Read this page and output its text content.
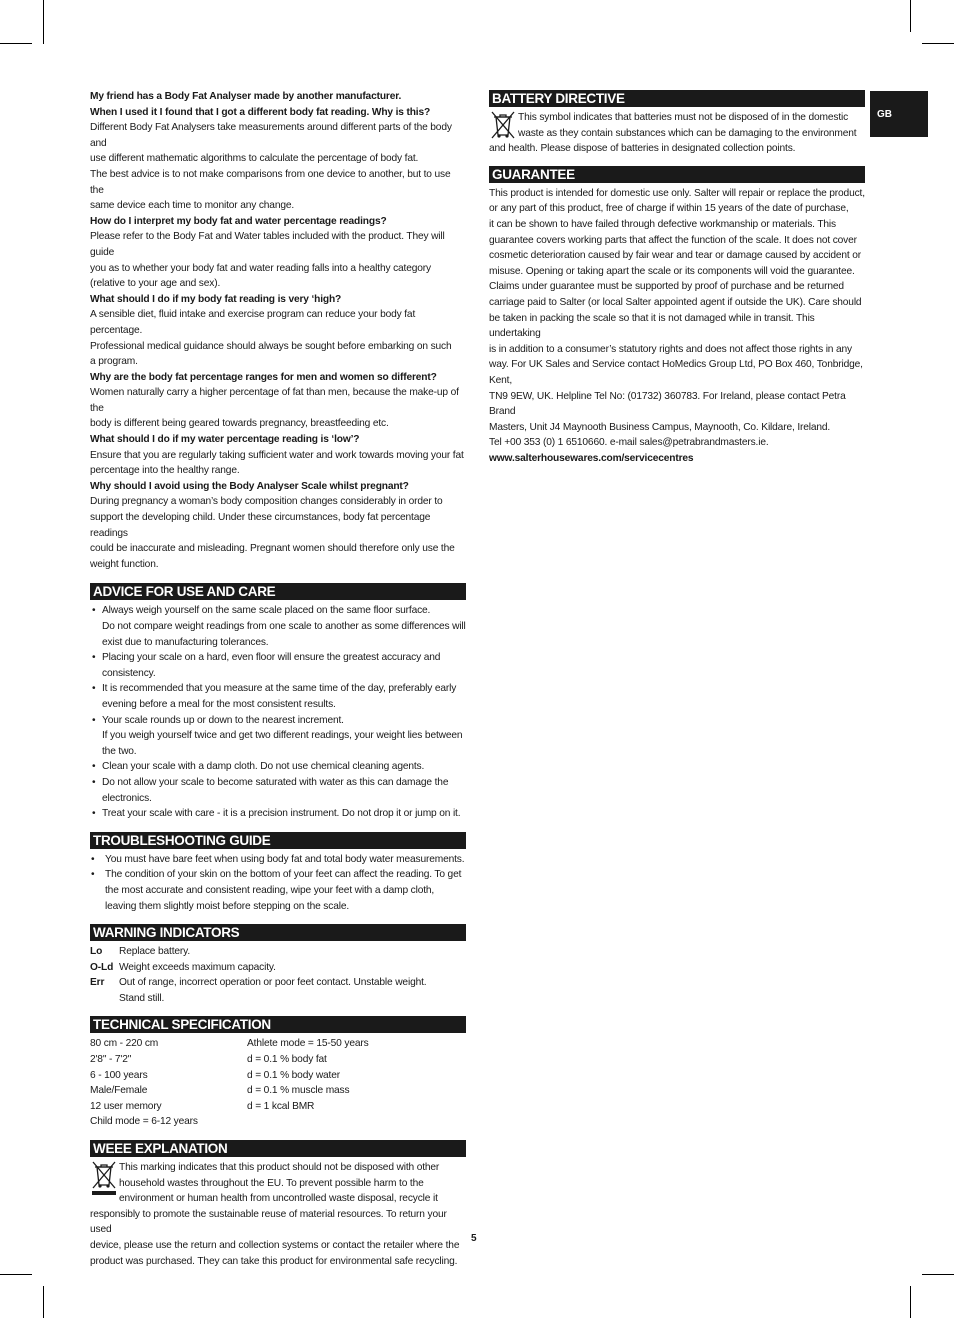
GB

My friend has a Body Fat Analyser made by another manufacturer.

When I used it I found that I got a different body fat reading. Why is this?

Different Body Fat Analysers take measurements around different parts of the body and

use different mathematic algorithms to calculate the percentage of body fat.

The best advice is to not make comparisons from one device to another, but to use the

same device each time to monitor any change.

How do I interpret my body fat and water percentage readings?

Please refer to the Body Fat and Water tables included with the product. They will guide

you as to whether your body fat and water reading falls into a healthy category

(relative to your age and sex).

What should I do if my body fat reading is very ‘high?

A sensible diet, fluid intake and exercise program can reduce your body fat percentage.

Professional medical guidance should always be sought before embarking on such

a program.

Why are the body fat percentage ranges for men and women so different?

Women naturally carry a higher percentage of fat than men, because the make-up of the

body is different being geared towards pregnancy, breastfeeding etc.

What should I do if my water percentage reading is ‘low’?

Ensure that you are regularly taking sufficient water and work towards moving your fat

percentage into the healthy range.

Why should I avoid using the Body Analyser Scale whilst pregnant?

During pregnancy a woman’s body composition changes considerably in order to

support the developing child. Under these circumstances, body fat percentage readings

could be inaccurate and misleading. Pregnant women should therefore only use the

weight function.

ADVICE FOR USE AND CARE
• Always weigh yourself on the same scale placed on the same floor surface.
Do not compare weight readings from one scale to another as some differences will
exist due to manufacturing tolerances.
• Placing your scale on a hard, even floor will ensure the greatest accuracy and
consistency.
• It is recommended that you measure at the same time of the day, preferably early
evening before a meal for the most consistent results.
• Your scale rounds up or down to the nearest increment.
If you weigh yourself twice and get two different readings, your weight lies between
the two.
• Clean your scale with a damp cloth. Do not use chemical cleaning agents.
• Do not allow your scale to become saturated with water as this can damage the
electronics.
• Treat your scale with care - it is a precision instrument. Do not drop it or jump on it.
TROUBLESHOOTING GUIDE
• You must have bare feet when using body fat and total body water measurements.
• The condition of your skin on the bottom of your feet can affect the reading. To get
the most accurate and consistent reading, wipe your feet with a damp cloth,
leaving them slightly moist before stepping on the scale.
WARNING INDICATORS
Lo	Replace battery.
O-Ld Weight exceeds maximum capacity.
Err	Out of range, incorrect operation or poor feet contact. Unstable weight.
Stand still.
TECHNICAL SPECIFICATION

80 cm - 220 cm

2'8" - 7'2"

6 - 100 years

Male/Female

12 user memory

Child mode = 6-12 years

Athlete mode = 15-50 years

d = 0.1 % body fat

d = 0.1 % body water

d = 0.1 % muscle mass

d = 1 kcal BMR

WEEE EXPLANATION

This marking indicates that this product should not be disposed with other

household wastes throughout the EU. To prevent possible harm to the

environment or human health from uncontrolled waste disposal, recycle it

responsibly to promote the sustainable reuse of material resources. To return your used

device, please use the return and collection systems or contact the retailer where the

product was purchased. They can take this product for environmental safe recycling.

BATTERY DIRECTIVE

This symbol indicates that batteries must not be disposed of in the domestic

waste as they contain substances which can be damaging to the environment

and health. Please dispose of batteries in designated collection points.

GUARANTEE

This product is intended for domestic use only. Salter will repair or replace the product,

or any part of this product, free of charge if within 15 years of the date of purchase,

it can be shown to have failed through defective workmanship or materials. This

guarantee covers working parts that affect the function of the scale. It does not cover

cosmetic deterioration caused by fair wear and tear or damage caused by accident or

misuse. Opening or taking apart the scale or its components will void the guarantee.

Claims under guarantee must be supported by proof of purchase and be returned

carriage paid to Salter (or local Salter appointed agent if outside the UK). Care should

be taken in packing the scale so that it is not damaged while in transit. This undertaking

is in addition to a consumer’s statutory rights and does not affect those rights in any

way. For UK Sales and Service contact HoMedics Group Ltd, PO Box 460, Tonbridge, Kent,

TN9 9EW, UK. Helpline Tel No: (01732) 360783. For Ireland, please contact Petra Brand

Masters, Unit J4 Maynooth Business Campus, Maynooth, Co. Kildare, Ireland.

Tel +00 353 (0) 1 6510660. e-mail sales@petrabrandmasters.ie.

www.salterhousewares.com/servicecentres

5
